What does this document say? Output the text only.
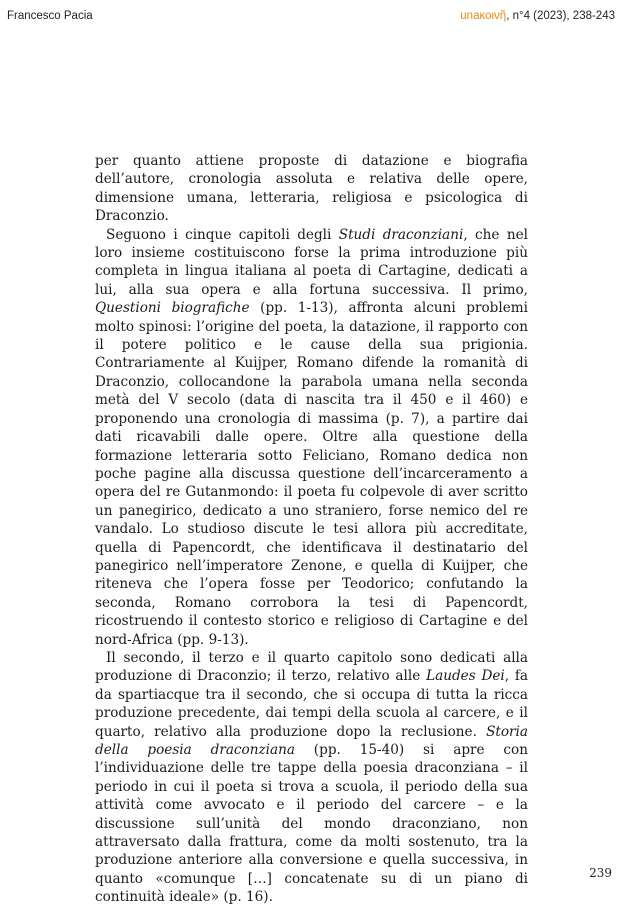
Francesco Pacia	unaκοινῆ, n°4 (2023), 238-243

per quanto attiene proposte di datazione e biografia dell’autore, cronologia assoluta e relativa delle opere, dimensione umana, letteraria, religiosa e psicologica di Draconzio.

Seguono i cinque capitoli degli Studi draconziani, che nel loro insieme costituiscono forse la prima introduzione più completa in lingua italiana al poeta di Cartagine, dedicati a lui, alla sua opera e alla fortuna successiva. Il primo, Questioni biografiche (pp. 1-13), affronta alcuni problemi molto spinosi: l’origine del poeta, la datazione, il rapporto con il potere politico e le cause della sua prigionia. Contrariamente al Kuijper, Romano difende la romanità di Draconzio, collocandone la parabola umana nella seconda metà del V secolo (data di nascita tra il 450 e il 460) e proponendo una cronologia di massima (p. 7), a partire dai dati ricavabili dalle opere. Oltre alla questione della formazione letteraria sotto Feliciano, Romano dedica non poche pagine alla discussa questione dell’incarceramento a opera del re Gutanmondo: il poeta fu colpevole di aver scritto un panegirico, dedicato a uno straniero, forse nemico del re vandalo. Lo studioso discute le tesi allora più accreditate, quella di Papencordt, che identificava il destinatario del panegirico nell’imperatore Zenone, e quella di Kuijper, che riteneva che l’opera fosse per Teodorico; confutando la seconda, Romano corrobora la tesi di Papencordt, ricostruendo il contesto storico e religioso di Cartagine e del nord-Africa (pp. 9-13).

Il secondo, il terzo e il quarto capitolo sono dedicati alla produzione di Draconzio; il terzo, relativo alle Laudes Dei, fa da spartiacque tra il secondo, che si occupa di tutta la ricca produzione precedente, dai tempi della scuola al carcere, e il quarto, relativo alla produzione dopo la reclusione. Storia della poesia draconziana (pp. 15-40) si apre con l’individuazione delle tre tappe della poesia draconziana – il periodo in cui il poeta si trova a scuola, il periodo della sua attività come avvocato e il periodo del carcere – e la discussione sull’unità del mondo draconziano, non attraversato dalla frattura, come da molti sostenuto, tra la produzione anteriore alla conversione e quella successiva, in quanto «comunque […] concatenate su di un piano di continuità ideale» (p. 16).

239
